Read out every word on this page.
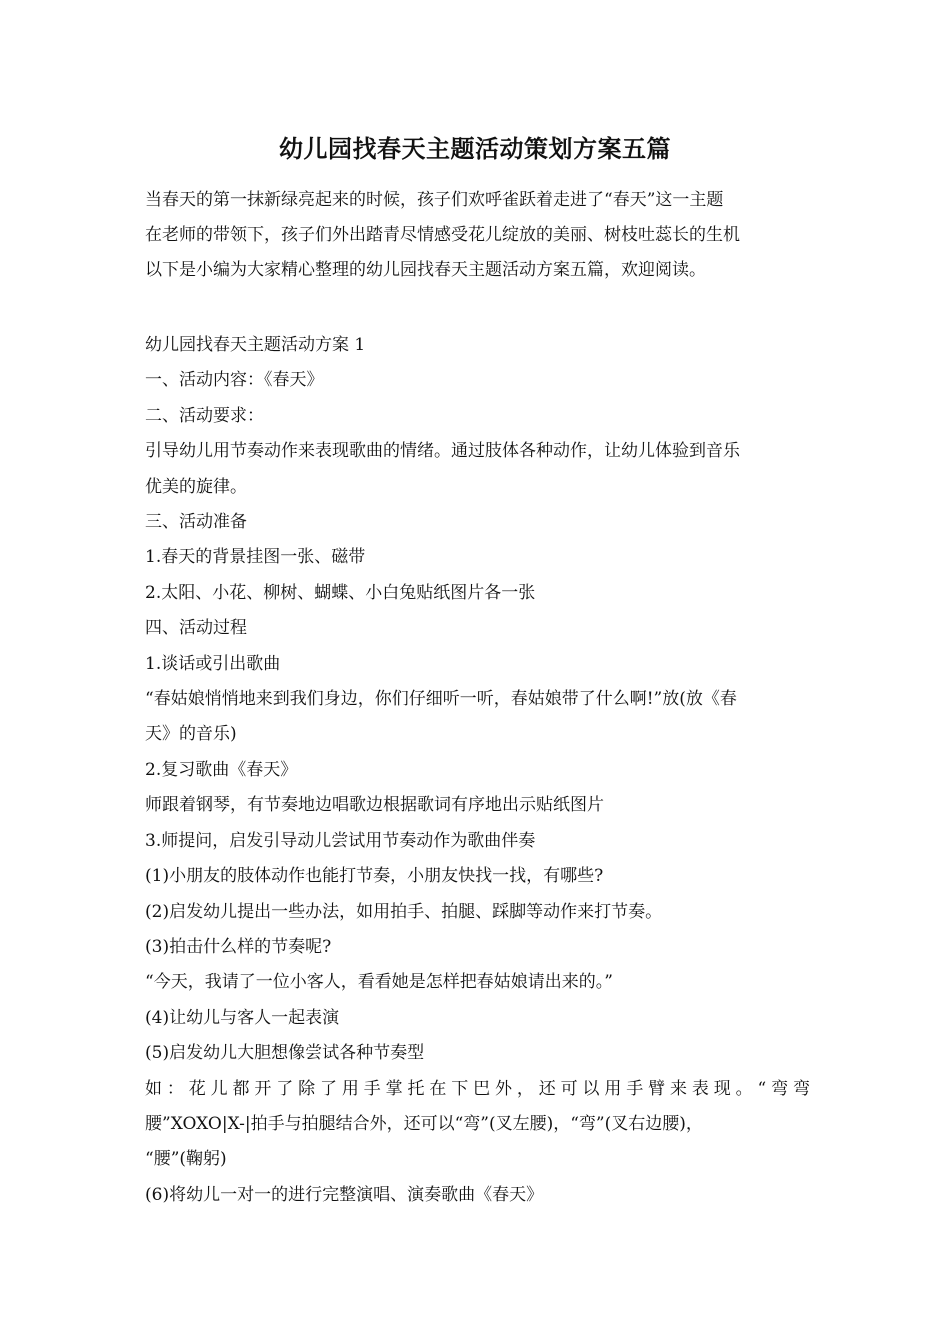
幼儿园找春天主题活动策划方案五篇

当春天的第一抹新绿亮起来的时候，孩子们欢呼雀跃着走进了“春天”这一主题

在老师的带领下，孩子们外出踏青尽情感受花儿绽放的美丽、树枝吐蕊长的生机

以下是小编为大家精心整理的幼儿园找春天主题活动方案五篇，欢迎阅读。

幼儿园找春天主题活动方案 1

一、活动内容：《春天》

二、活动要求：

引导幼儿用节奏动作来表现歌曲的情绪。通过肢体各种动作，让幼儿体验到音乐

优美的旋律。

三、活动准备

1.春天的背景挂图一张、磁带

2.太阳、小花、柳树、蝴蝶、小白兔贴纸图片各一张

四、活动过程

1.谈话或引出歌曲

“春姑娘悄悄地来到我们身边，你们仔细听一听，春姑娘带了什么啊!”放(放《春

天》的音乐)

2.复习歌曲《春天》

师跟着钢琴，有节奏地边唱歌边根据歌词有序地出示贴纸图片

3.师提问，启发引导动儿尝试用节奏动作为歌曲伴奏

(1)小朋友的肢体动作也能打节奏，小朋友快找一找，有哪些?

(2)启发幼儿提出一些办法，如用拍手、拍腿、踩脚等动作来打节奏。

(3)拍击什么样的节奏呢?

“今天，我请了一位小客人，看看她是怎样把春姑娘请出来的。”

(4)让幼儿与客人一起表演

(5)启发幼儿大胆想像尝试各种节奏型

如：花儿都开了除了用手掌托在下巴外，还可以用手臂来表现。“弯弯

腰”XOXO|X-|拍手与拍腿结合外，还可以“弯”(叉左腰)，“弯”(叉右边腰)，

“腰”(鞠躬)

(6)将幼儿一对一的进行完整演唱、演奏歌曲《春天》
